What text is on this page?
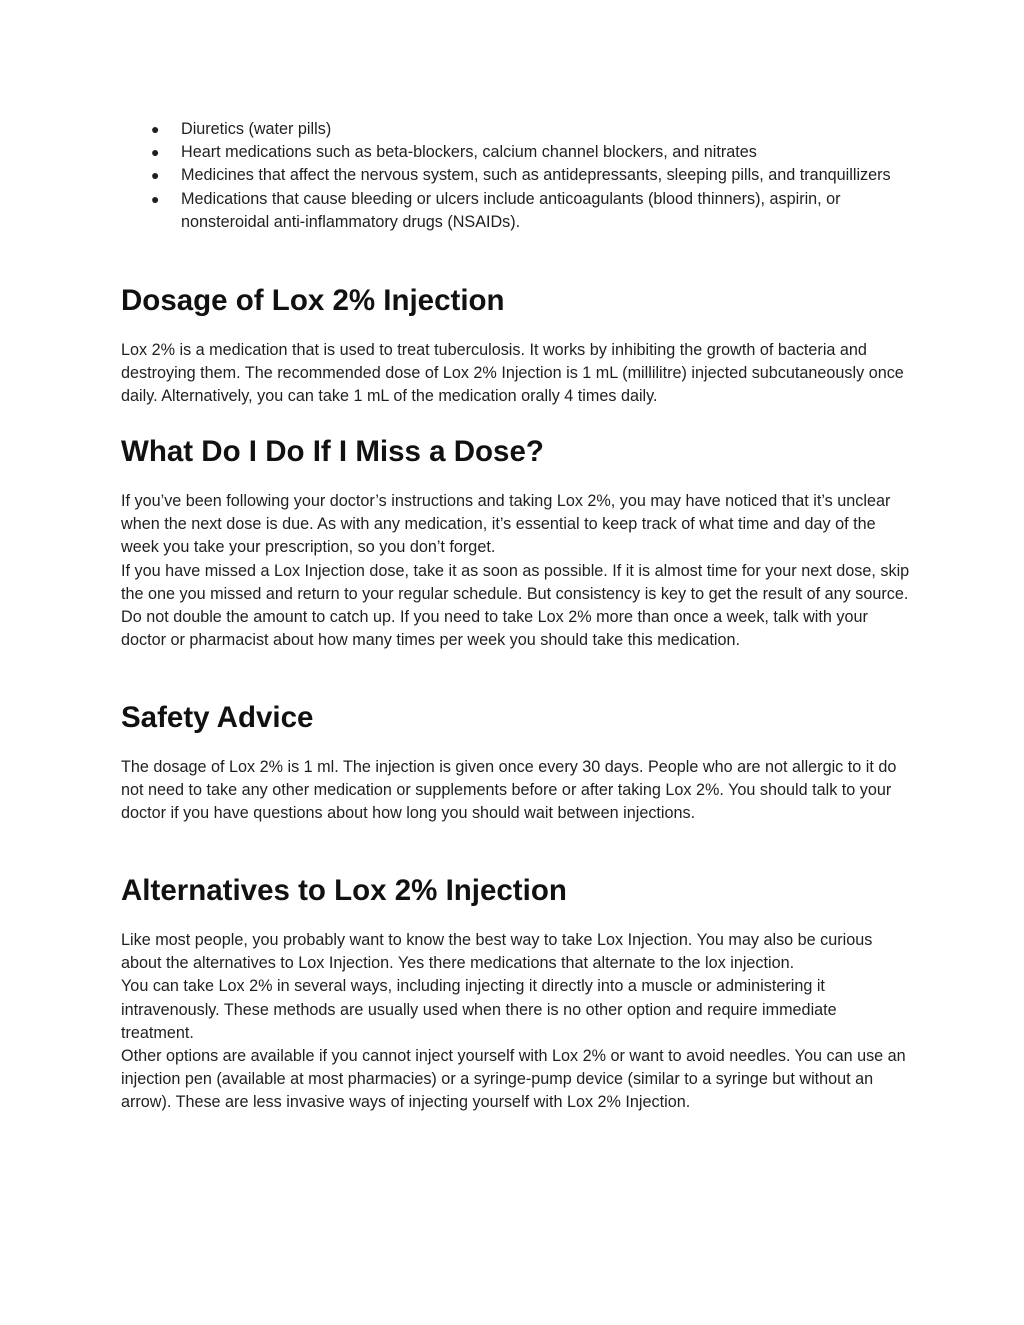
● Diuretics (water pills)
● Heart medications such as beta-blockers, calcium channel blockers, and nitrates
● Medicines that affect the nervous system, such as antidepressants, sleeping pills, and tranquillizers
● Medications that cause bleeding or ulcers include anticoagulants (blood thinners), aspirin, or nonsteroidal anti-inflammatory drugs (NSAIDs).
Dosage of Lox 2% Injection

Lox 2% is a medication that is used to treat tuberculosis. It works by inhibiting the growth of bacteria and destroying them. The recommended dose of Lox 2% Injection is 1 mL (millilitre) injected subcutaneously once daily. Alternatively, you can take 1 mL of the medication orally 4 times daily.

What Do I Do If I Miss a Dose?

If you’ve been following your doctor’s instructions and taking Lox 2%, you may have noticed that it’s unclear when the next dose is due. As with any medication, it’s essential to keep track of what time and day of the week you take your prescription, so you don’t forget.

If you have missed a Lox Injection dose, take it as soon as possible. If it is almost time for your next dose, skip the one you missed and return to your regular schedule. But consistency is key to get the result of any source.

Do not double the amount to catch up. If you need to take Lox 2% more than once a week, talk with your doctor or pharmacist about how many times per week you should take this medication.

Safety Advice

The dosage of Lox 2% is 1 ml. The injection is given once every 30 days. People who are not allergic to it do not need to take any other medication or supplements before or after taking Lox 2%. You should talk to your doctor if you have questions about how long you should wait between injections.

Alternatives to Lox 2% Injection

Like most people, you probably want to know the best way to take Lox Injection. You may also be curious about the alternatives to Lox Injection. Yes there medications that alternate to the lox injection.

You can take Lox 2% in several ways, including injecting it directly into a muscle or administering it intravenously. These methods are usually used when there is no other option and require immediate treatment.

Other options are available if you cannot inject yourself with Lox 2% or want to avoid needles. You can use an injection pen (available at most pharmacies) or a syringe-pump device (similar to a syringe but without an arrow). These are less invasive ways of injecting yourself with Lox 2% Injection.
